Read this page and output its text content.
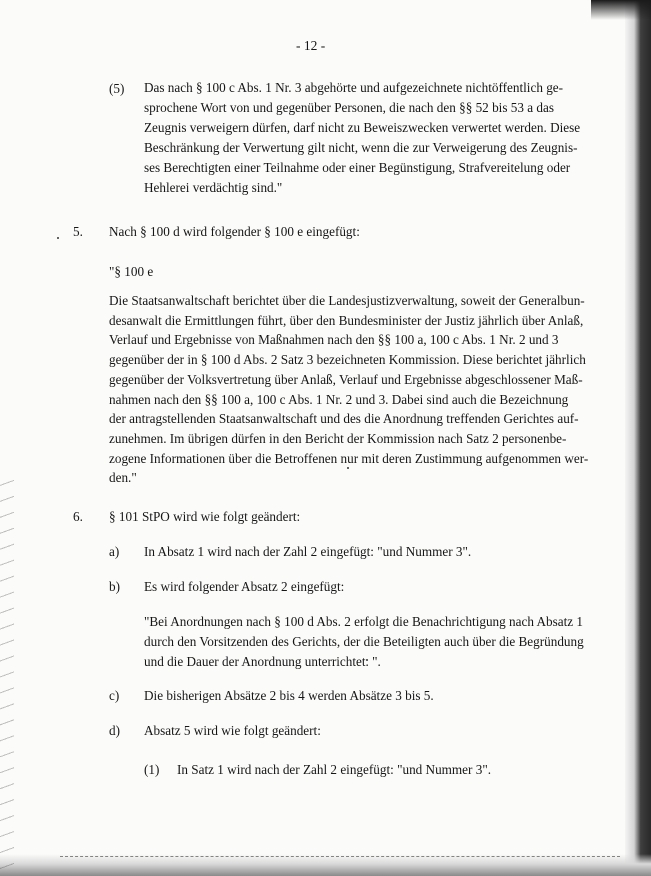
- 12 -
(5) Das nach § 100 c Abs. 1 Nr. 3 abgehörte und aufgezeichnete nichtöffentlich ge-
sprochene Wort von und gegenüber Personen, die nach den §§ 52 bis 53 a das
Zeugnis verweigern dürfen, darf nicht zu Beweiszwecken verwertet werden. Diese
Beschränkung der Verwertung gilt nicht, wenn die zur Verweigerung des Zeugnis-
ses Berechtigten einer Teilnahme oder einer Begünstigung, Strafvereitelung oder
Hehlerei verdächtig sind."
5. Nach § 100 d wird folgender § 100 e eingefügt:
"§ 100 e
Die Staatsanwaltschaft berichtet über die Landesjustizverwaltung, soweit der Generalbun-
desanwalt die Ermittlungen führt, über den Bundesminister der Justiz jährlich über Anlaß,
Verlauf und Ergebnisse von Maßnahmen nach den §§ 100 a, 100 c Abs. 1 Nr. 2 und 3
gegenüber der in § 100 d Abs. 2 Satz 3 bezeichneten Kommission. Diese berichtet jährlich
gegenüber der Volksvertretung über Anlaß, Verlauf und Ergebnisse abgeschlossener Maß-
nahmen nach den §§ 100 a, 100 c Abs. 1 Nr. 2 und 3. Dabei sind auch die Bezeichnung
der antragstellenden Staatsanwaltschaft und des die Anordnung treffenden Gerichtes auf-
zunehmen. Im übrigen dürfen in den Bericht der Kommission nach Satz 2 personenbe-
zogene Informationen über die Betroffenen nur mit deren Zustimmung aufgenommen wer-
den."
6. § 101 StPO wird wie folgt geändert:
a) In Absatz 1 wird nach der Zahl 2 eingefügt: "und Nummer 3".
b) Es wird folgender Absatz 2 eingefügt:
"Bei Anordnungen nach § 100 d Abs. 2 erfolgt die Benachrichtigung nach Absatz 1
durch den Vorsitzenden des Gerichts, der die Beteiligten auch über die Begründung
und die Dauer der Anordnung unterrichtet. ".
c) Die bisherigen Absätze 2 bis 4 werden Absätze 3 bis 5.
d) Absatz 5 wird wie folgt geändert:
(1) In Satz 1 wird nach der Zahl 2 eingefügt: "und Nummer 3".
